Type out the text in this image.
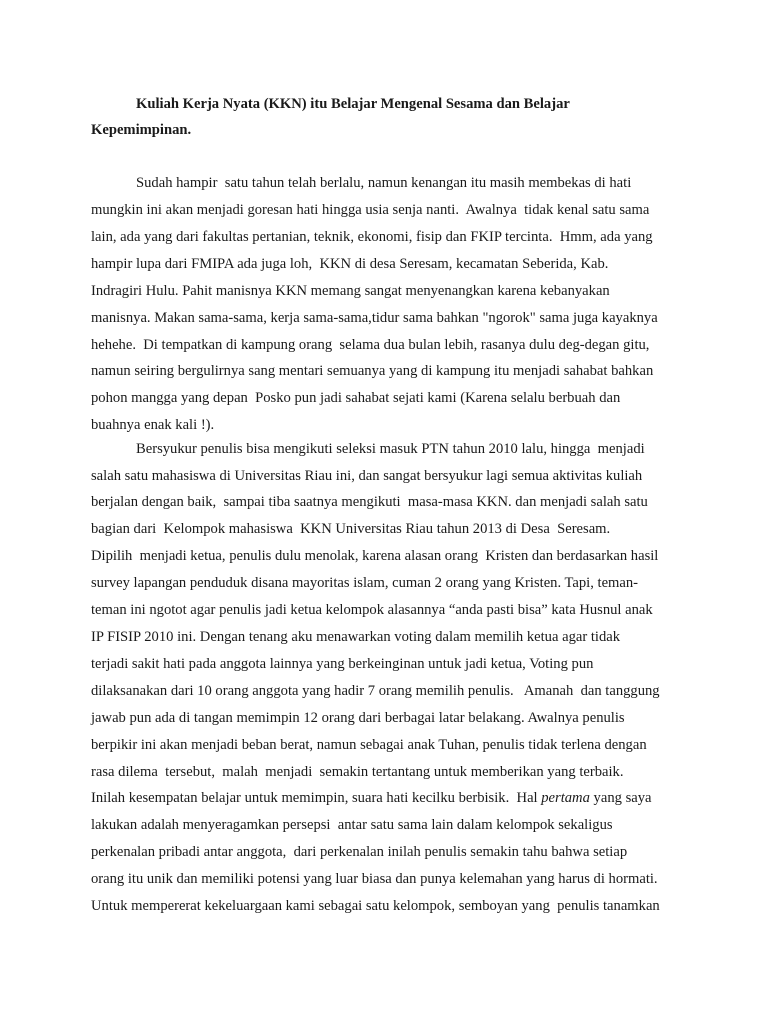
Kuliah Kerja Nyata (KKN) itu Belajar Mengenal Sesama dan Belajar
Kepemimpinan.
Sudah hampir  satu tahun telah berlalu, namun kenangan itu masih membekas di hati
mungkin ini akan menjadi goresan hati hingga usia senja nanti.  Awalnya  tidak kenal satu sama
lain, ada yang dari fakultas pertanian, teknik, ekonomi, fisip dan FKIP tercinta.  Hmm, ada yang
hampir lupa dari FMIPA ada juga loh,  KKN di desa Seresam, kecamatan Seberida, Kab.
Indragiri Hulu. Pahit manisnya KKN memang sangat menyenangkan karena kebanyakan
manisnya. Makan sama-sama, kerja sama-sama,tidur sama bahkan "ngorok" sama juga kayaknya
hehehe.  Di tempatkan di kampung orang  selama dua bulan lebih, rasanya dulu deg-degan gitu,
namun seiring bergulirnya sang mentari semuanya yang di kampung itu menjadi sahabat bahkan
pohon mangga yang depan  Posko pun jadi sahabat sejati kami (Karena selalu berbuah dan
buahnya enak kali !).
Bersyukur penulis bisa mengikuti seleksi masuk PTN tahun 2010 lalu, hingga  menjadi
salah satu mahasiswa di Universitas Riau ini, dan sangat bersyukur lagi semua aktivitas kuliah
berjalan dengan baik,  sampai tiba saatnya mengikuti  masa-masa KKN. dan menjadi salah satu
bagian dari  Kelompok mahasiswa  KKN Universitas Riau tahun 2013 di Desa  Seresam.
Dipilih  menjadi ketua, penulis dulu menolak, karena alasan orang  Kristen dan berdasarkan hasil
survey lapangan penduduk disana mayoritas islam, cuman 2 orang yang Kristen. Tapi, teman-
teman ini ngotot agar penulis jadi ketua kelompok alasannya “anda pasti bisa” kata Husnul anak
IP FISIP 2010 ini. Dengan tenang aku menawarkan voting dalam memilih ketua agar tidak
terjadi sakit hati pada anggota lainnya yang berkeinginan untuk jadi ketua, Voting pun
dilaksanakan dari 10 orang anggota yang hadir 7 orang memilih penulis.   Amanah  dan tanggung
jawab pun ada di tangan memimpin 12 orang dari berbagai latar belakang. Awalnya penulis
berpikir ini akan menjadi beban berat, namun sebagai anak Tuhan, penulis tidak terlena dengan
rasa dilema  tersebut,  malah  menjadi  semakin tertantang untuk memberikan yang terbaik.
Inilah kesempatan belajar untuk memimpin, suara hati kecilku berbisik.  Hal pertama yang saya
lakukan adalah menyeragamkan persepsi  antar satu sama lain dalam kelompok sekaligus
perkenalan pribadi antar anggota,  dari perkenalan inilah penulis semakin tahu bahwa setiap
orang itu unik dan memiliki potensi yang luar biasa dan punya kelemahan yang harus di hormati.
Untuk mempererat kekeluargaan kami sebagai satu kelompok, semboyan yang  penulis tanamkan
